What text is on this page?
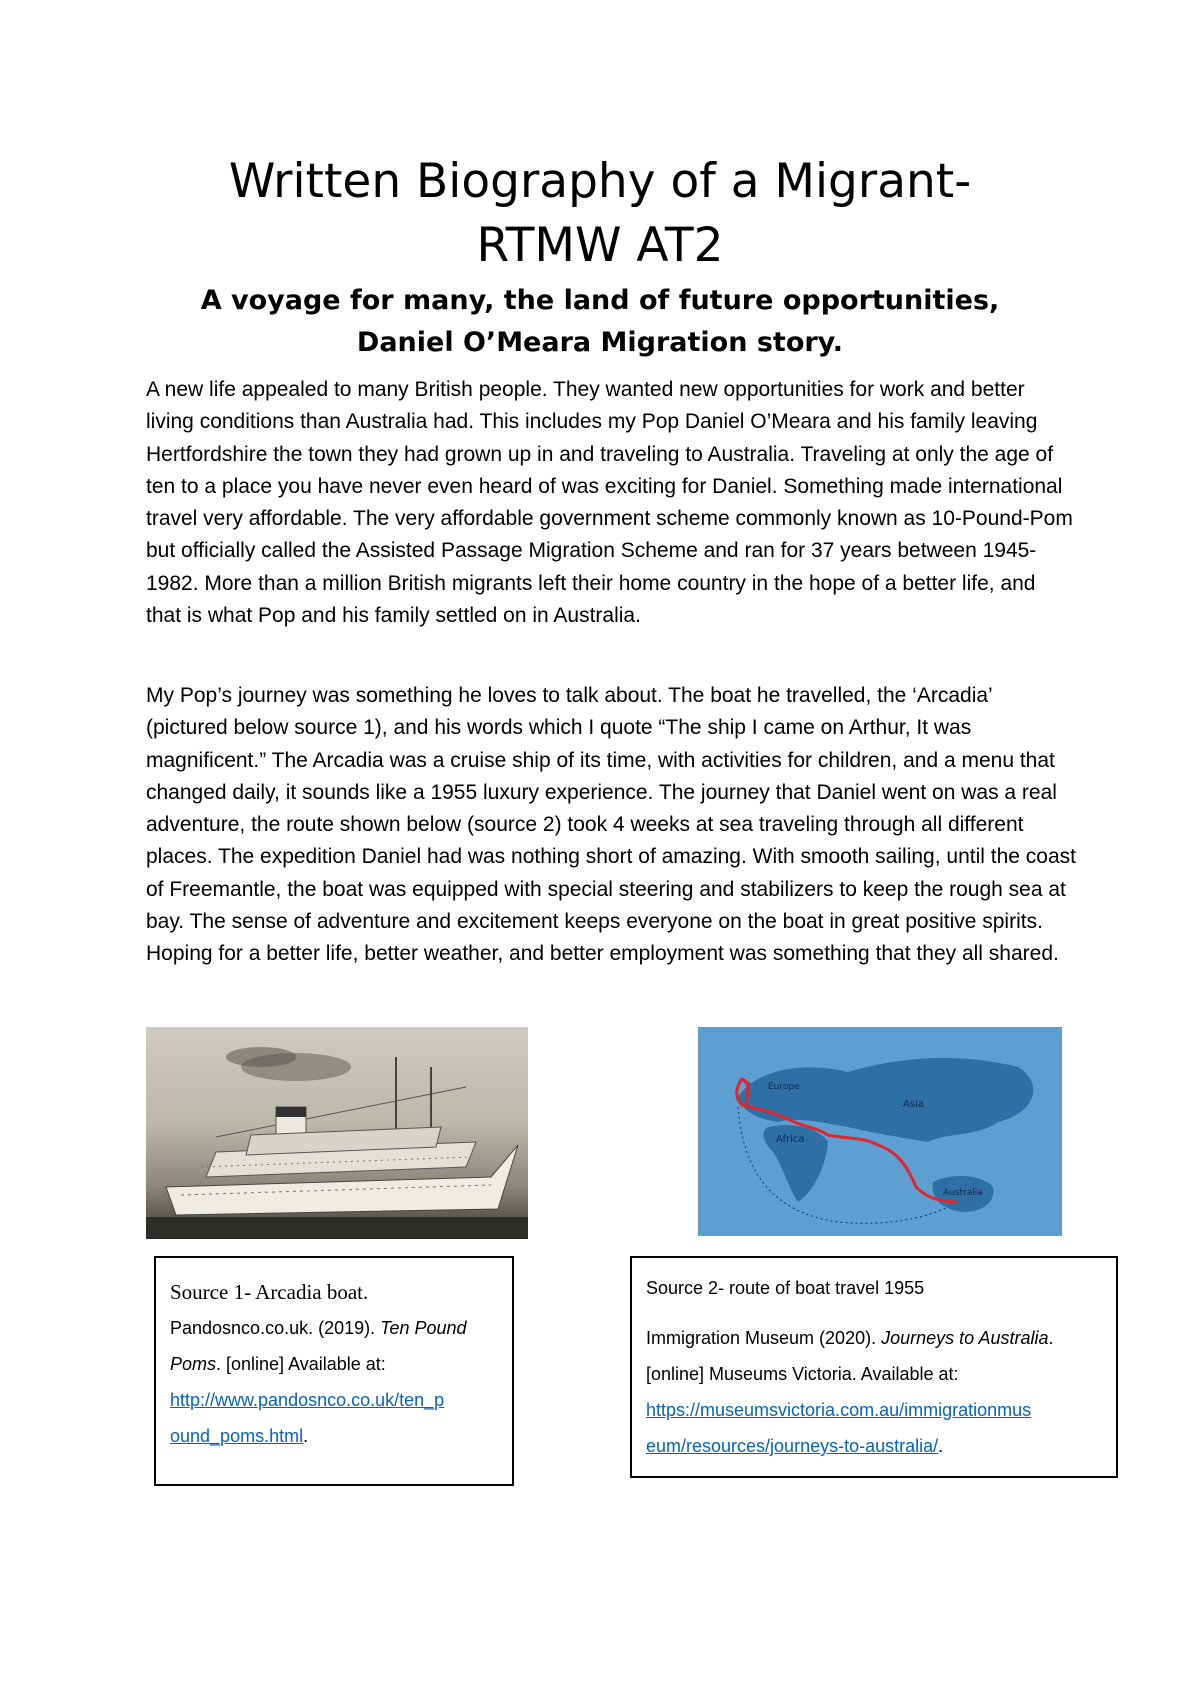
Written Biography of a Migrant-
RTMW AT2
A voyage for many, the land of future opportunities,
Daniel O’Meara Migration story.

A new life appealed to many British people. They wanted new opportunities for work and better living conditions than Australia had. This includes my Pop Daniel O’Meara and his family leaving Hertfordshire the town they had grown up in and traveling to Australia. Traveling at only the age of ten to a place you have never even heard of was exciting for Daniel. Something made international travel very affordable. The very affordable government scheme commonly known as 10-Pound-Pom but officially called the Assisted Passage Migration Scheme and ran for 37 years between 1945-1982. More than a million British migrants left their home country in the hope of a better life, and that is what Pop and his family settled on in Australia.

My Pop’s journey was something he loves to talk about. The boat he travelled, the ‘Arcadia’ (pictured below source 1), and his words which I quote “The ship I came on Arthur, It was magnificent.” The Arcadia was a cruise ship of its time, with activities for children, and a menu that changed daily, it sounds like a 1955 luxury experience. The journey that Daniel went on was a real adventure, the route shown below (source 2) took 4 weeks at sea traveling through all different places. The expedition Daniel had was nothing short of amazing. With smooth sailing, until the coast of Freemantle, the boat was equipped with special steering and stabilizers to keep the rough sea at bay. The sense of adventure and excitement keeps everyone on the boat in great positive spirits. Hoping for a better life, better weather, and better employment was something that they all shared.

Europe
Asia
Africa
Australia

Source 1- Arcadia boat.

Pandosnco.co.uk. (2019). Ten Pound Poms. [online] Available at:
http://www.pandosnco.co.uk/ten_p
ound_poms.html.

Source 2- route of boat travel 1955

Immigration Museum (2020). Journeys to Australia. [online] Museums Victoria. Available at:
https://museumsvictoria.com.au/immigrationmus
eum/resources/journeys-to-australia/.
